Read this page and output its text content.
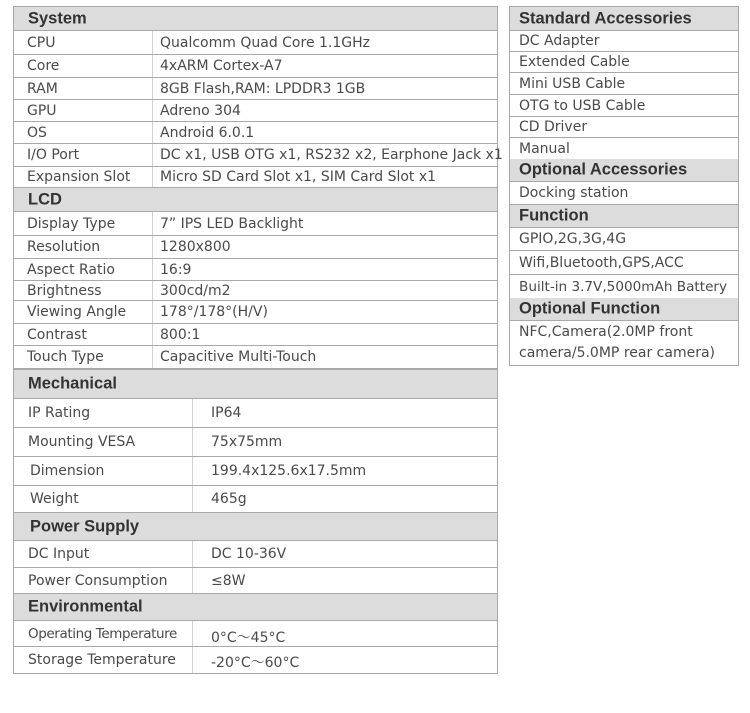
System
CPU	Qualcomm Quad Core 1.1GHz
Core	4xARM Cortex-A7
RAM	8GB Flash,RAM: LPDDR3 1GB
GPU	Adreno 304
OS	Android 6.0.1
I/O Port	DC x1, USB OTG x1, RS232 x2, Earphone Jack x1
Expansion Slot Micro SD Card Slot x1, SIM Card Slot x1
LCD
Display Type	7” IPS LED Backlight
Resolution	1280x800
Aspect Ratio	16:9
Brightness	300cd/m2
Viewing Angle 178°/178°(H/V)
Contrast	800:1
Touch Type	Capacitive Multi-Touch
Mechanical
IP Rating	IP64
Mounting VESA	75x75mm
Dimension	199.4x125.6x17.5mm
Weight	465g
Power Supply
DC Input	DC 10-36V
Power Consumption	≤8W
Environmental
Operating Temperature 0°C～45°C
Storage Temperature	-20°C～60°C
Standard Accessories
DC Adapter
Extended Cable
Mini USB Cable
OTG to USB Cable
CD Driver
Manual
Optional Accessories
Docking station
Function
GPIO,2G,3G,4G
Wifi,Bluetooth,GPS,ACC
Built-in 3.7V,5000mAh Battery
Optional Function
NFC,Camera(2.0MP front camera/5.0MP rear camera)
